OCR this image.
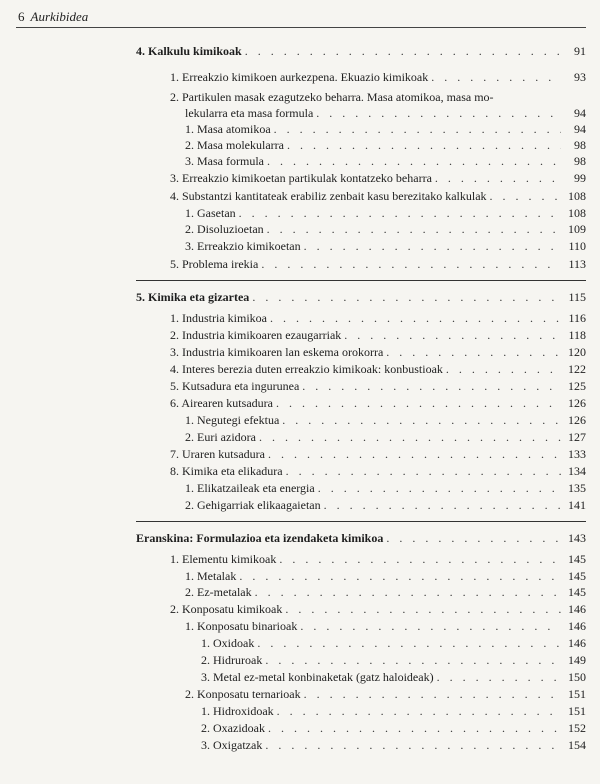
6 Aurkibidea
4. Kalkulu kimikoak . . .	91
1. Erreakzio kimikoen aurkezpena. Ekuazio kimikoak . . .	93
2. Partikulen masak ezagutzeko beharra. Masa atomikoa, masa mo-
lekularra eta masa formula . . .	94
1. Masa atomikoa . . .	94
2. Masa molekularra . . .	98
3. Masa formula . . .	98
3. Erreakzio kimikoetan partikulak kontatzeko beharra . . .	99
4. Substantzi kantitateak erabiliz zenbait kasu berezitako kalkulak . . .	108
1. Gasetan . . .	108
2. Disoluzioetan . . .	109
3. Erreakzio kimikoetan . . .	110
5. Problema irekia . . .	113
5. Kimika eta gizartea . . .	115
1. Industria kimikoa . . .	116
2. Industria kimikoaren ezaugarriak . . .	118
3. Industria kimikoaren lan eskema orokorra . . .	120
4. Interes berezia duten erreakzio kimikoak: konbustioak . . .	122
5. Kutsadura eta ingurunea . . .	125
6. Airearen kutsadura . . .	126
1. Negutegi efektua . . .	126
2. Euri azidora . . .	127
7. Uraren kutsadura . . .	133
8. Kimika eta elikadura . . .	134
1. Elikatzaileak eta energia . . .	135
2. Gehigarriak elikaagaietan . . .	141
Eranskina: Formulazioa eta izendaketa kimikoa . . .	143
1. Elementu kimikoak . . .	145
1. Metalak . . .	145
2. Ez-metalak . . .	145
2. Konposatu kimikoak . . .	146
1. Konposatu binarioak . . .	146
1. Oxidoak . . .	146
2. Hidruroak . . .	149
3. Metal ez-metal konbinaketak (gatz haloideak) . . .	150
2. Konposatu ternarioak . . .	151
1. Hidroxidoak . . .	151
2. Oxazidoak . . .	152
3. Oxigatzak . . .	154
